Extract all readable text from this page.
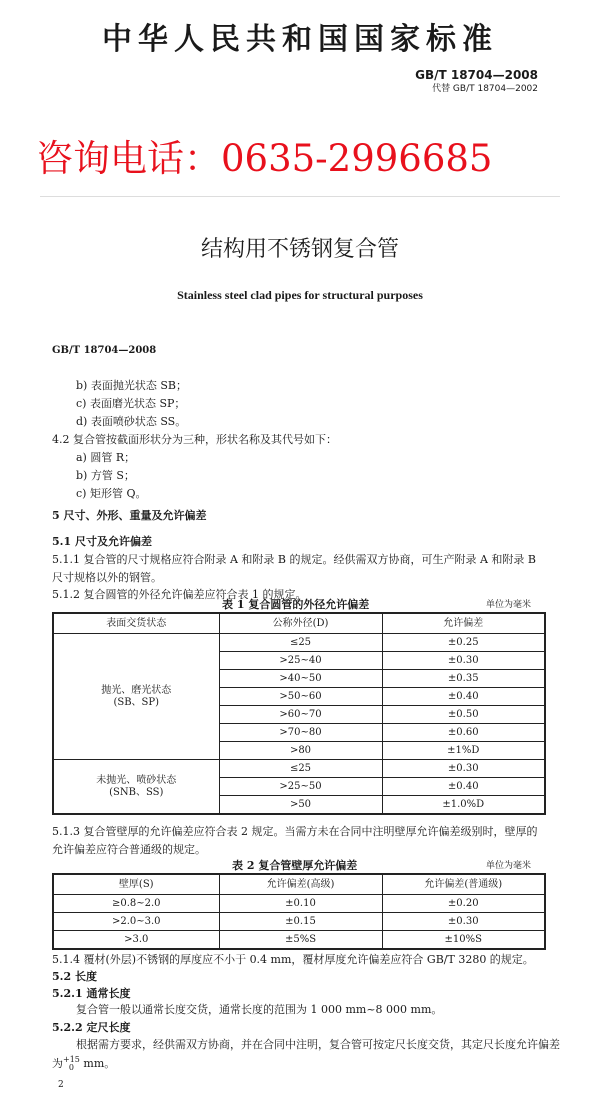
中华人民共和国国家标准
GB/T 18704—2008
代替 GB/T 18704—2002
咨询电话：0635-2996685
结构用不锈钢复合管
Stainless steel clad pipes for structural purposes
GB/T 18704—2008
b) 表面抛光状态 SB；
c) 表面磨光状态 SP；
d) 表面喷砂状态 SS。
4.2 复合管按截面形状分为三种，形状名称及其代号如下：
a) 圆管 R；
b) 方管 S；
c) 矩形管 Q。
5 尺寸、外形、重量及允许偏差
5.1 尺寸及允许偏差
5.1.1 复合管的尺寸规格应符合附录 A 和附录 B 的规定。经供需双方协商，可生产附录 A 和附录 B
尺寸规格以外的钢管。
5.1.2 复合圆管的外径允许偏差应符合表 1 的规定。
表 1 复合圆管的外径允许偏差	单位为毫米
表面交货状态	公称外径(D)	允许偏差
抛光、磨光状态
(SB、SP)	≤25	±0.25
	>25~40	±0.30
	>40~50	±0.35
	>50~60	±0.40
	>60~70	±0.50
	>70~80	±0.60
	>80	±1%D
未抛光、喷砂状态
(SNB、SS)	≤25	±0.30
	>25~50	±0.40
	>50	±1.0%D
5.1.3 复合管壁厚的允许偏差应符合表 2 规定。当需方未在合同中注明壁厚允许偏差级别时，壁厚的
允许偏差应符合普通级的规定。
表 2 复合管壁厚允许偏差	单位为毫米
壁厚(S)	允许偏差(高级)	允许偏差(普通级)
≥0.8~2.0	±0.10	±0.20
>2.0~3.0	±0.15	±0.30
>3.0	±5%S	±10%S
5.1.4 覆材(外层)不锈钢的厚度应不小于 0.4 mm，覆材厚度允许偏差应符合 GB/T 3280 的规定。
5.2 长度
5.2.1 通常长度
复合管一般以通常长度交货，通常长度的范围为 1 000 mm~8 000 mm。
5.2.2 定尺长度
根据需方要求，经供需双方协商，并在合同中注明，复合管可按定尺长度交货，其定尺长度允许偏差
为+15
0 mm。
2
